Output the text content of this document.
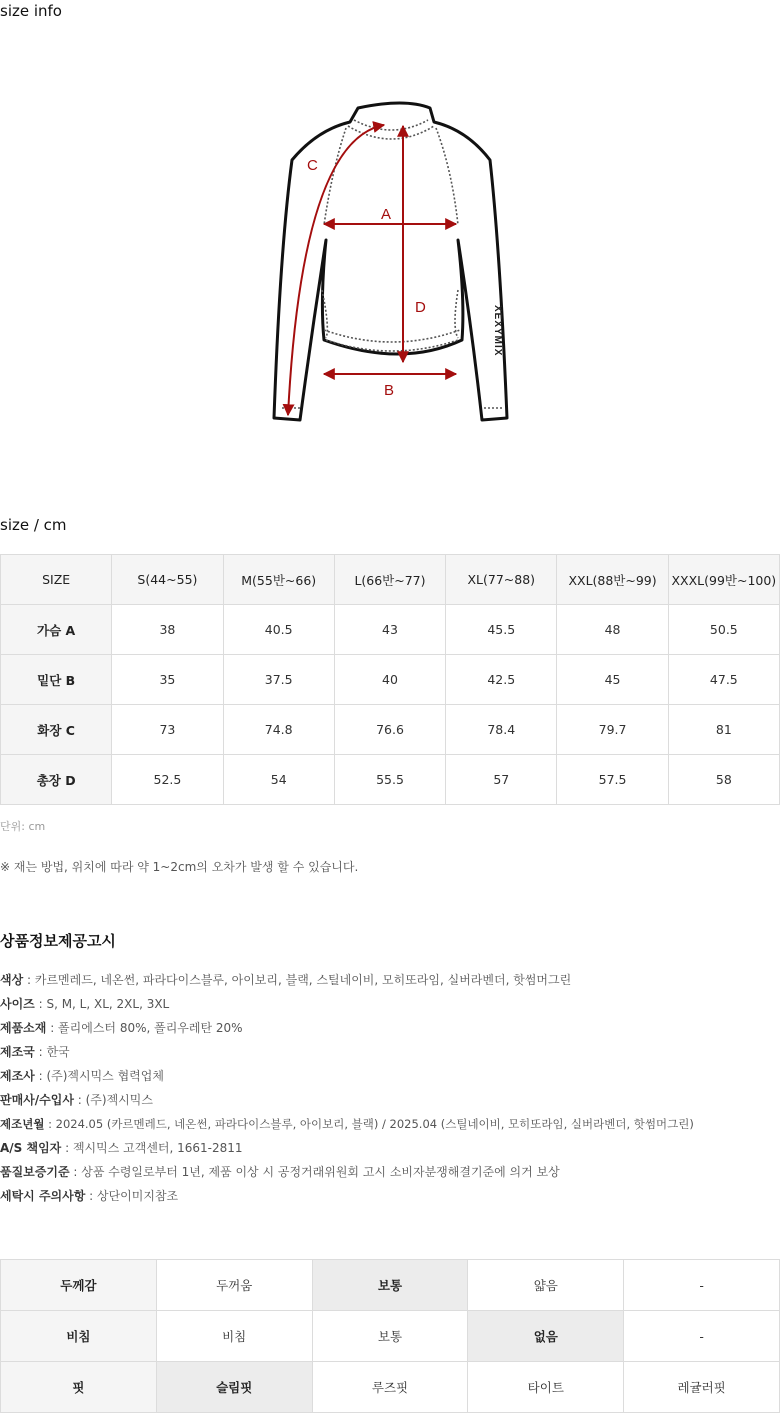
size info
A
B
C
D	XEXYMIX
size / cm
SIZE	S(44~55)	M(55반~66)	L(66반~77)	XL(77~88)	XXL(88반~99)	XXXL(99반~100)
가슴 A	38	40.5	43	45.5	48	50.5
밑단 B	35	37.5	40	42.5	45	47.5
화장 C	73	74.8	76.6	78.4	79.7	81
총장 D	52.5	54	55.5	57	57.5	58
단위: cm
※ 재는 방법, 위치에 따라 약 1~2cm의 오차가 발생 할 수 있습니다.
상품정보제공고시
색상 : 카르멘레드, 네온썬, 파라다이스블루, 아이보리, 블랙, 스틸네이비, 모히또라임, 실버라벤더, 핫썸머그린
사이즈 : S, M, L, XL, 2XL, 3XL
제품소재 : 폴리에스터 80%, 폴리우레탄 20%
제조국 : 한국
제조사 : (주)젝시믹스 협력업체
판매사/수입사 : (주)젝시믹스
제조년월 : 2024.05 (카르멘레드, 네온썬, 파라다이스블루, 아이보리, 블랙) / 2025.04 (스틸네이비, 모히또라임, 실버라벤더, 핫썸머그린)
A/S 책임자 : 젝시믹스 고객센터, 1661-2811
품질보증기준 : 상품 수령일로부터 1년, 제품 이상 시 공정거래위원회 고시 소비자분쟁해결기준에 의거 보상
세탁시 주의사항 : 상단이미지참조
두께감	두꺼움	보통	얇음	-
비침	비침	보통	없음	-
핏	슬림핏	루즈핏	타이트	레귤러핏
